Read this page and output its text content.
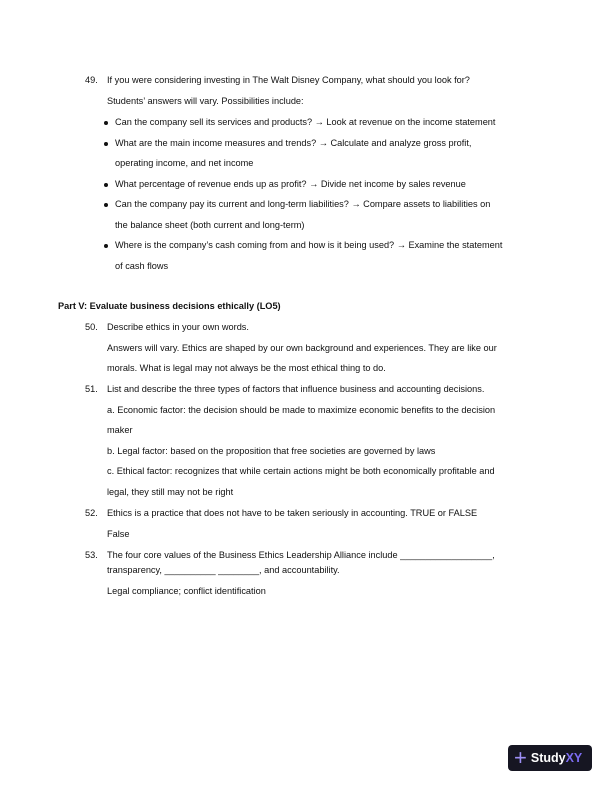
49. If you were considering investing in The Walt Disney Company, what should you look for?
Students’ answers will vary. Possibilities include:
Can the company sell its services and products? → Look at revenue on the income statement
What are the main income measures and trends? → Calculate and analyze gross profit,
operating income, and net income
What percentage of revenue ends up as profit? → Divide net income by sales revenue
Can the company pay its current and long-term liabilities? → Compare assets to liabilities on
the balance sheet (both current and long-term)
Where is the company’s cash coming from and how is it being used? → Examine the statement
of cash flows
Part V: Evaluate business decisions ethically (LO5)
50. Describe ethics in your own words.
Answers will vary. Ethics are shaped by our own background and experiences. They are like our
morals. What is legal may not always be the most ethical thing to do.
51. List and describe the three types of factors that influence business and accounting decisions.
a. Economic factor: the decision should be made to maximize economic benefits to the decision
maker
b. Legal factor: based on the proposition that free societies are governed by laws
c. Ethical factor: recognizes that while certain actions might be both economically profitable and
legal, they still may not be right
52. Ethics is a practice that does not have to be taken seriously in accounting. TRUE or FALSE
False
53. The four core values of the Business Ethics Leadership Alliance include __________________,
transparency, __________ ________, and accountability.
Legal compliance; conflict identification
+ StudyXY
